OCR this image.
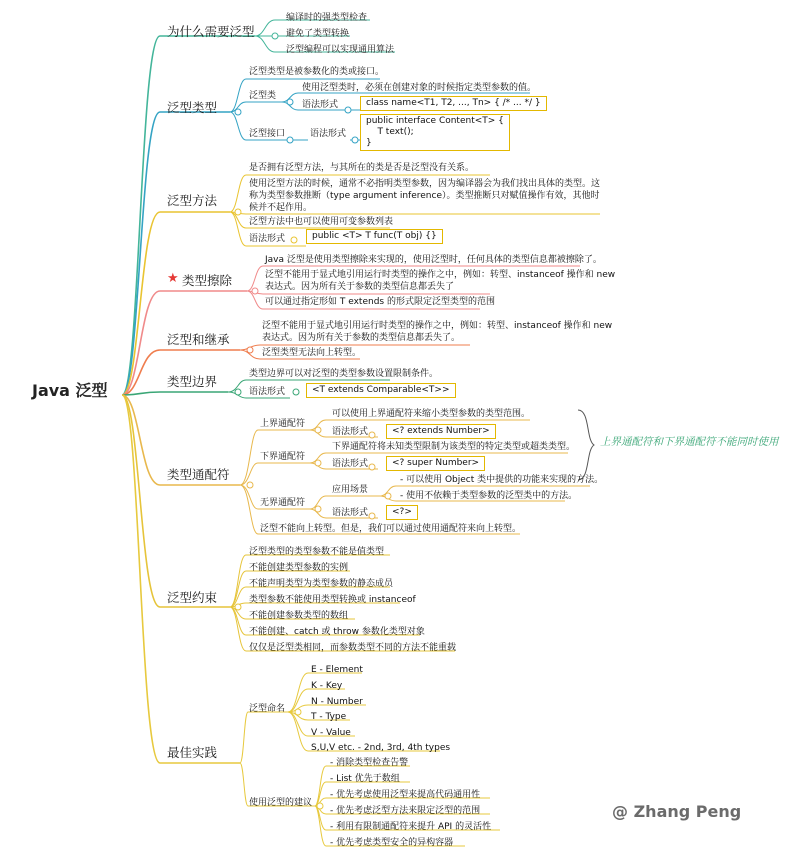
Java 泛型
为什么需要泛型
编译时的强类型检查
避免了类型转换
泛型编程可以实现通用算法
泛型类型
泛型类型是被参数化的类或接口。
泛型类
使用泛型类时，必须在创建对象的时候指定类型参数的值。
语法形式	class name<T1, T2, ..., Tn> { /* ... */ }
泛型接口	语法形式
public interface Content<T> {
T text();
}
泛型方法
是否拥有泛型方法，与其所在的类是否是泛型没有关系。
使用泛型方法的时候，通常不必指明类型参数，因为编译器会为我们找出具体的类型。这称为类型参数推断（type argument inference）。类型推断只对赋值操作有效，其他时候并不起作用。
泛型方法中也可以使用可变参数列表
语法形式	public <T> T func(T obj) {}
★ 类型擦除
Java 泛型是使用类型擦除来实现的，使用泛型时，任何具体的类型信息都被擦除了。
泛型不能用于显式地引用运行时类型的操作之中，例如：转型、instanceof 操作和 new 表达式。因为所有关于参数的类型信息都丢失了
可以通过指定形如 T extends 的形式限定泛型类型的范围
泛型和继承
泛型不能用于显式地引用运行时类型的操作之中，例如：转型、instanceof 操作和 new 表达式。因为所有关于参数的类型信息都丢失了。
泛型类型无法向上转型。
类型边界	类型边界可以对泛型的类型参数设置限制条件。
语法形式	<T extends Comparable<T>>
类型通配符
上界通配符
可以使用上界通配符来缩小类型参数的类型范围。
语法形式	<? extends Number>
下界通配符
下界通配符将未知类型限制为该类型的特定类型或超类类型。
语法形式	<? super Number>
无界通配符
应用场景
- 可以使用 Object 类中提供的功能来实现的方法。
- 使用不依赖于类型参数的泛型类中的方法。
语法形式	<?>
泛型不能向上转型。但是，我们可以通过使用通配符来向上转型。
上界通配符和下界通配符不能同时使用
泛型约束
泛型类型的类型参数不能是值类型
不能创建类型参数的实例
不能声明类型为类型参数的静态成员
类型参数不能使用类型转换或 instanceof
不能创建参数类型的数组
不能创建、catch 或 throw 参数化类型对象
仅仅是泛型类相同，而参数类型不同的方法不能重载
最佳实践
泛型命名
E - Element
K - Key
N - Number
T - Type
V - Value
S,U,V etc. - 2nd, 3rd, 4th types
使用泛型的建议
- 消除类型检查告警
- List 优先于数组
- 优先考虑使用泛型来提高代码通用性
- 优先考虑泛型方法来限定泛型的范围
- 利用有限制通配符来提升 API 的灵活性
- 优先考虑类型安全的异构容器
@ Zhang Peng
